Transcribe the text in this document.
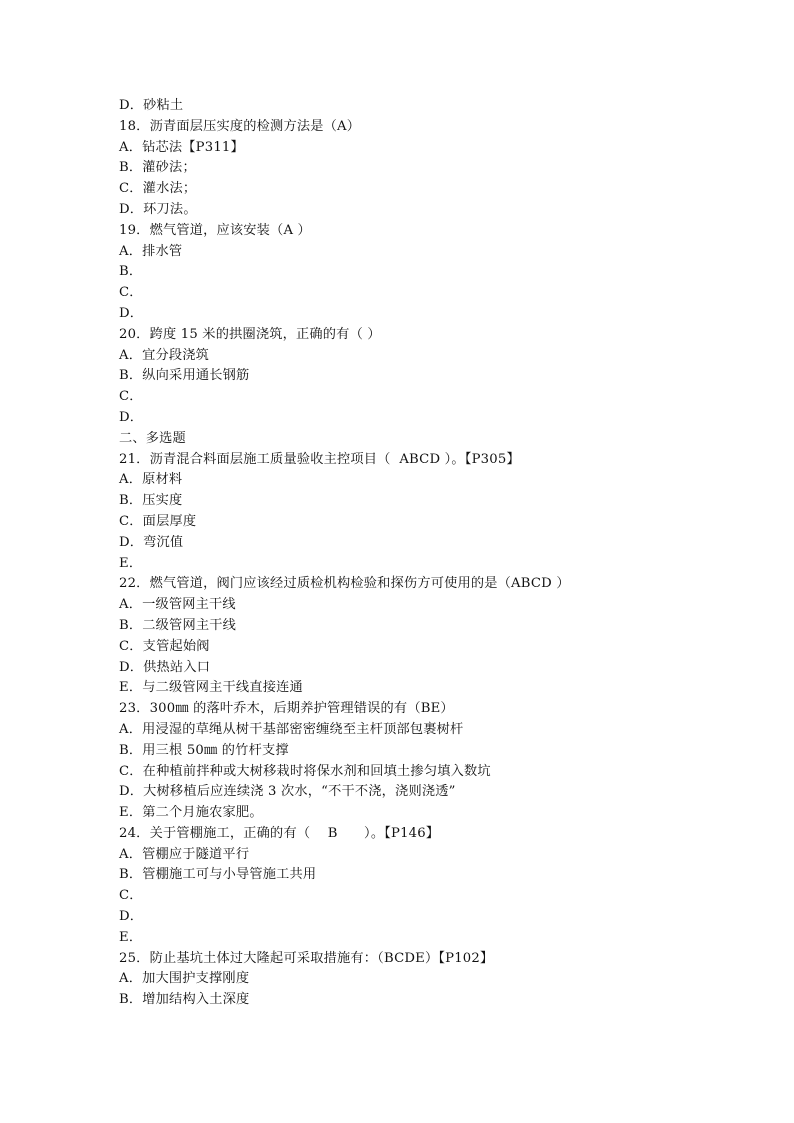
D．砂粘土
18．沥青面层压实度的检测方法是（A）
A．钻芯法【P311】
B．灌砂法；
C．灌水法；
D．环刀法。
19．燃气管道，应该安装（A ）
A．排水管
B．
C．
D．
20．跨度 15 米的拱圈浇筑，正确的有（ ）
A．宜分段浇筑
B．纵向采用通长钢筋
C．
D．
二、多选题
21．沥青混合料面层施工质量验收主控项目（  ABCD ）。【P305】
A．原材料
B．压实度
C．面层厚度
D．弯沉值
E．
22．燃气管道，阀门应该经过质检机构检验和探伤方可使用的是（ABCD ）
A．一级管网主干线
B．二级管网主干线
C．支管起始阀
D．供热站入口
E．与二级管网主干线直接连通
23．300㎜ 的落叶乔木，后期养护管理错误的有（BE）
A．用浸湿的草绳从树干基部密密缠绕至主杆顶部包裹树杆
B．用三根 50㎜ 的竹杆支撑
C．在种植前拌种或大树移栽时将保水剂和回填土掺匀填入数坑
D．大树移植后应连续浇 3 次水，“不干不浇，浇则浇透”
E．第二个月施农家肥。
24．关于管棚施工，正确的有（    B      ）。【P146】
A．管棚应于隧道平行
B．管棚施工可与小导管施工共用
C．
D．
E．
25．防止基坑土体过大隆起可采取措施有：（BCDE）【P102】
A．加大围护支撑刚度
B．增加结构入土深度
